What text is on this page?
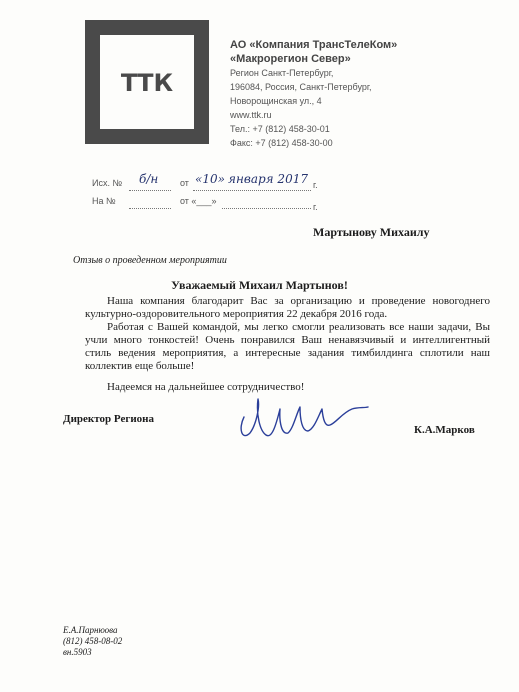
ТТК
АО «Компания ТрансТелеКом»
«Макрорегион Север»
Регион Санкт-Петербург,
196084, Россия, Санкт-Петербург,
Новорощинская ул., 4
www.ttk.ru
Тел.: +7 (812) 458-30-01
Факс: +7 (812) 458-30-00
Исх. № б/н от «10» января 2017 г.
На №	от «___»
г.
Мартынову Михаилу
Отзыв о проведенном мероприятии
Уважаемый Михаил Мартынов!

Наша компания благодарит Вас за организацию и проведение новогоднего культурно-оздоровительного мероприятия 22 декабря 2016 года.

Работая с Вашей командой, мы легко смогли реализовать все наши задачи, Вы учли много тонкостей! Очень понравился Ваш ненавязчивый и интеллигентный стиль ведения мероприятия, а интересные задания тимбилдинга сплотили наш коллектив еще больше!

Надеемся на дальнейшее сотрудничество!
Директор Региона
К.А.Марков
Е.А.Парнюова
(812) 458-08-02
вн.5903
